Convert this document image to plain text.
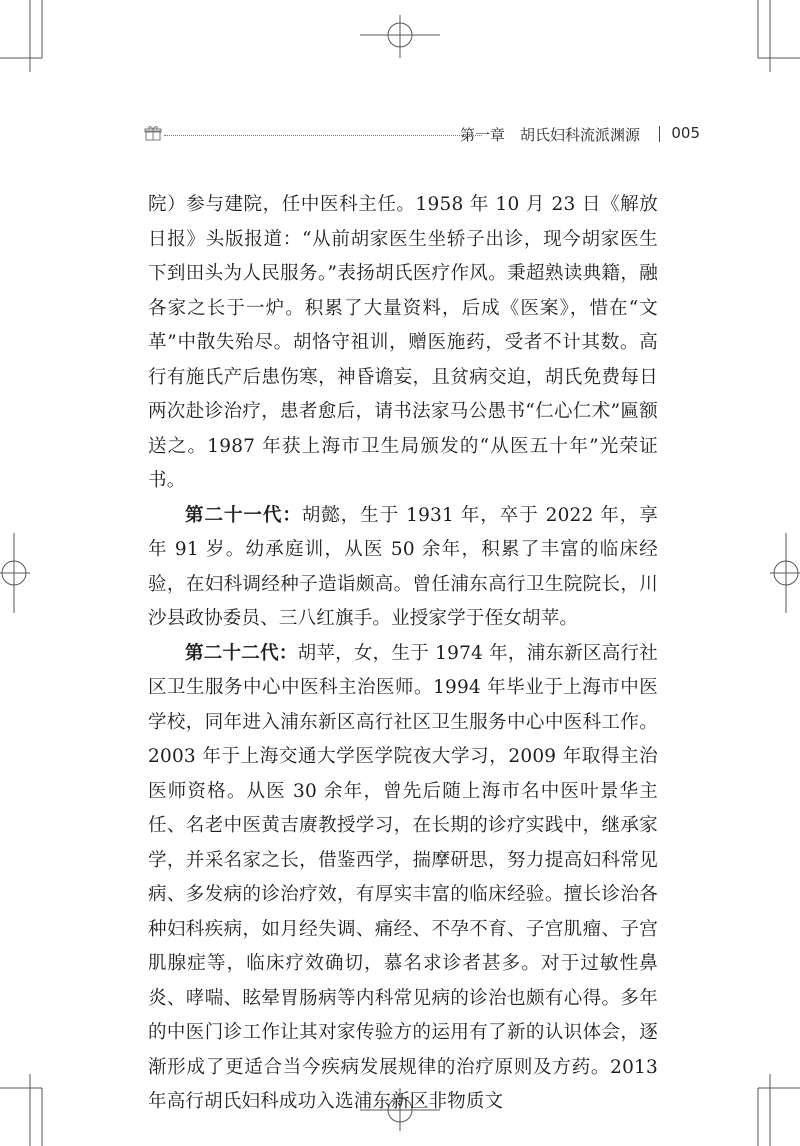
第一章　胡氏妇科流派渊源 005

院）参与建院，任中医科主任。1958 年 10 月 23 日《解放日报》头版报道：“从前胡家医生坐轿子出诊，现今胡家医生下到田头为人民服务。”表扬胡氏医疗作风。秉超熟读典籍，融各家之长于一炉。积累了大量资料，后成《医案》，惜在“文革”中散失殆尽。胡恪守祖训，赠医施药，受者不计其数。高行有施氏产后患伤寒，神昏谵妄，且贫病交迫，胡氏免费每日两次赴诊治疗，患者愈后，请书法家马公愚书“仁心仁术”匾额送之。1987 年获上海市卫生局颁发的“从医五十年”光荣证书。

第二十一代：胡懿，生于 1931 年，卒于 2022 年，享年 91 岁。幼承庭训，从医 50 余年，积累了丰富的临床经验，在妇科调经种子造诣颇高。曾任浦东高行卫生院院长，川沙县政协委员、三八红旗手。业授家学于侄女胡苹。

第二十二代：胡苹，女，生于 1974 年，浦东新区高行社区卫生服务中心中医科主治医师。1994 年毕业于上海市中医学校，同年进入浦东新区高行社区卫生服务中心中医科工作。2003 年于上海交通大学医学院夜大学习，2009 年取得主治医师资格。从医 30 余年，曾先后随上海市名中医叶景华主任、名老中医黄吉赓教授学习，在长期的诊疗实践中，继承家学，并采名家之长，借鉴西学，揣摩研思，努力提高妇科常见病、多发病的诊治疗效，有厚实丰富的临床经验。擅长诊治各种妇科疾病，如月经失调、痛经、不孕不育、子宫肌瘤、子宫肌腺症等，临床疗效确切，慕名求诊者甚多。对于过敏性鼻炎、哮喘、眩晕胃肠病等内科常见病的诊治也颇有心得。多年的中医门诊工作让其对家传验方的运用有了新的认识体会，逐渐形成了更适合当今疾病发展规律的治疗原则及方药。2013 年高行胡氏妇科成功入选浦东新区非物质文
